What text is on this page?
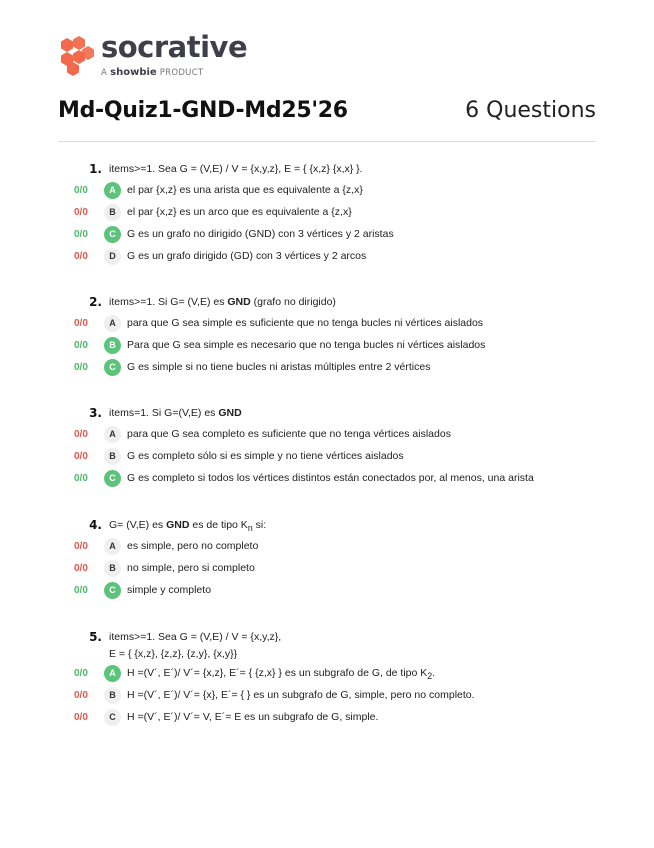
socrative
A showbie PRODUCT
Md-Quiz1-GND-Md25'26	6 Questions
1. items>=1. Sea G = (V,E) / V = {x,y,z}, E = { {x,z} {x,x} }.
0/0	A	el par {x,z} es una arista que es equivalente a {z,x}
0/0	B	el par {x,z} es un arco que es equivalente a {z,x}
0/0	C	G es un grafo no dirigido (GND) con 3 vértices y 2 aristas
0/0	D	G es un grafo dirigido (GD) con 3 vértices y 2 arcos
2. items>=1. Si G= (V,E) es GND (grafo no dirigido)
0/0	A	para que G sea simple es suficiente que no tenga bucles ni vértices aislados
0/0	B	Para que G sea simple es necesario que no tenga bucles ni vértices aislados
0/0	C	G es simple si no tiene bucles ni aristas múltiples entre 2 vértices
3. items=1. Si G=(V,E) es GND
0/0	A	para que G sea completo es suficiente que no tenga vértices aislados
0/0	B	G es completo sólo si es simple y no tiene vértices aislados
0/0	C	G es completo si todos los vértices distintos están conectados por, al menos, una arista
4. G= (V,E) es GND es de tipo $K_n$ si:
0/0	A	es simple, pero no completo
0/0	B	no simple, pero si completo
0/0	C	simple y completo
5. items>=1. Sea G = (V,E) / V = {x,y,z},
E = { {x,z}, {z,z}, {z,y}, {x,y}}
0/0	A	H =(V´, E´)/ V´= {x,z}, E´= { {z,x} } es un subgrafo de G, de tipo $K_2$.
0/0	B	H =(V´, E´)/ V´= {x}, E´= { } es un subgrafo de G, simple, pero no completo.
0/0	C	H =(V´, E´)/ V´= V, E´= E es un subgrafo de G, simple.
